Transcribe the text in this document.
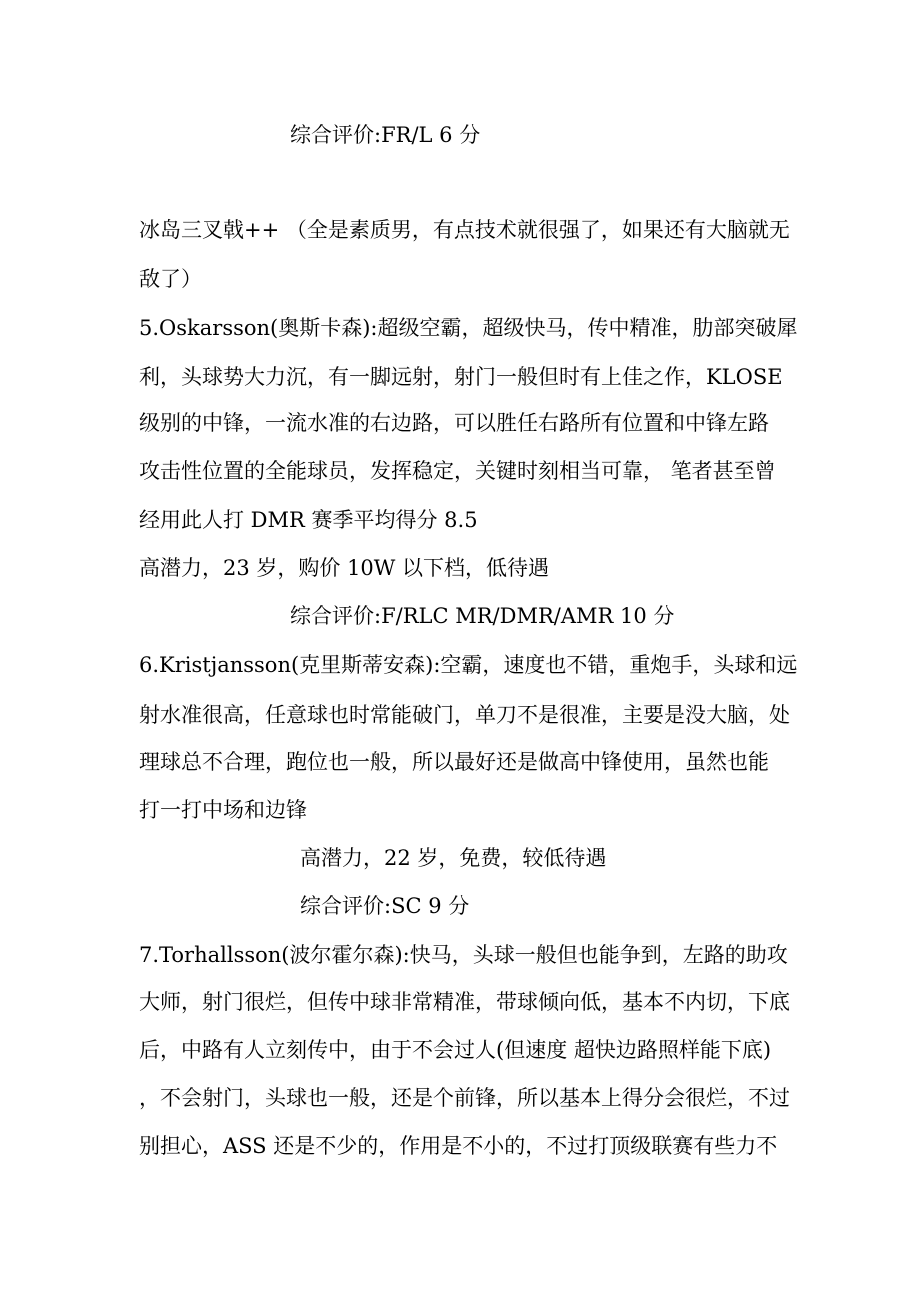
综合评价:FR/L 6 分
冰岛三叉戟++ （全是素质男，有点技术就很强了，如果还有大脑就无
敌了）
5.Oskarsson(奥斯卡森):超级空霸，超级快马，传中精准，肋部突破犀
利，头球势大力沉，有一脚远射，射门一般但时有上佳之作，KLOSE
级别的中锋，一流水准的右边路，可以胜任右路所有位置和中锋左路
攻击性位置的全能球员，发挥稳定，关键时刻相当可靠， 笔者甚至曾
经用此人打 DMR 赛季平均得分 8.5
高潜力，23 岁，购价 10W 以下档，低待遇
综合评价:F/RLC MR/DMR/AMR 10 分
6.Kristjansson(克里斯蒂安森):空霸，速度也不错，重炮手，头球和远
射水准很高，任意球也时常能破门，单刀不是很准，主要是没大脑，处
理球总不合理，跑位也一般，所以最好还是做高中锋使用，虽然也能
打一打中场和边锋
高潜力，22 岁，免费，较低待遇
综合评价:SC 9 分
7.Torhallsson(波尔霍尔森):快马，头球一般但也能争到，左路的助攻
大师，射门很烂，但传中球非常精准，带球倾向低，基本不内切，下底
后，中路有人立刻传中，由于不会过人(但速度 超快边路照样能下底)
，不会射门，头球也一般，还是个前锋，所以基本上得分会很烂，不过
别担心，ASS 还是不少的，作用是不小的，不过打顶级联赛有些力不
